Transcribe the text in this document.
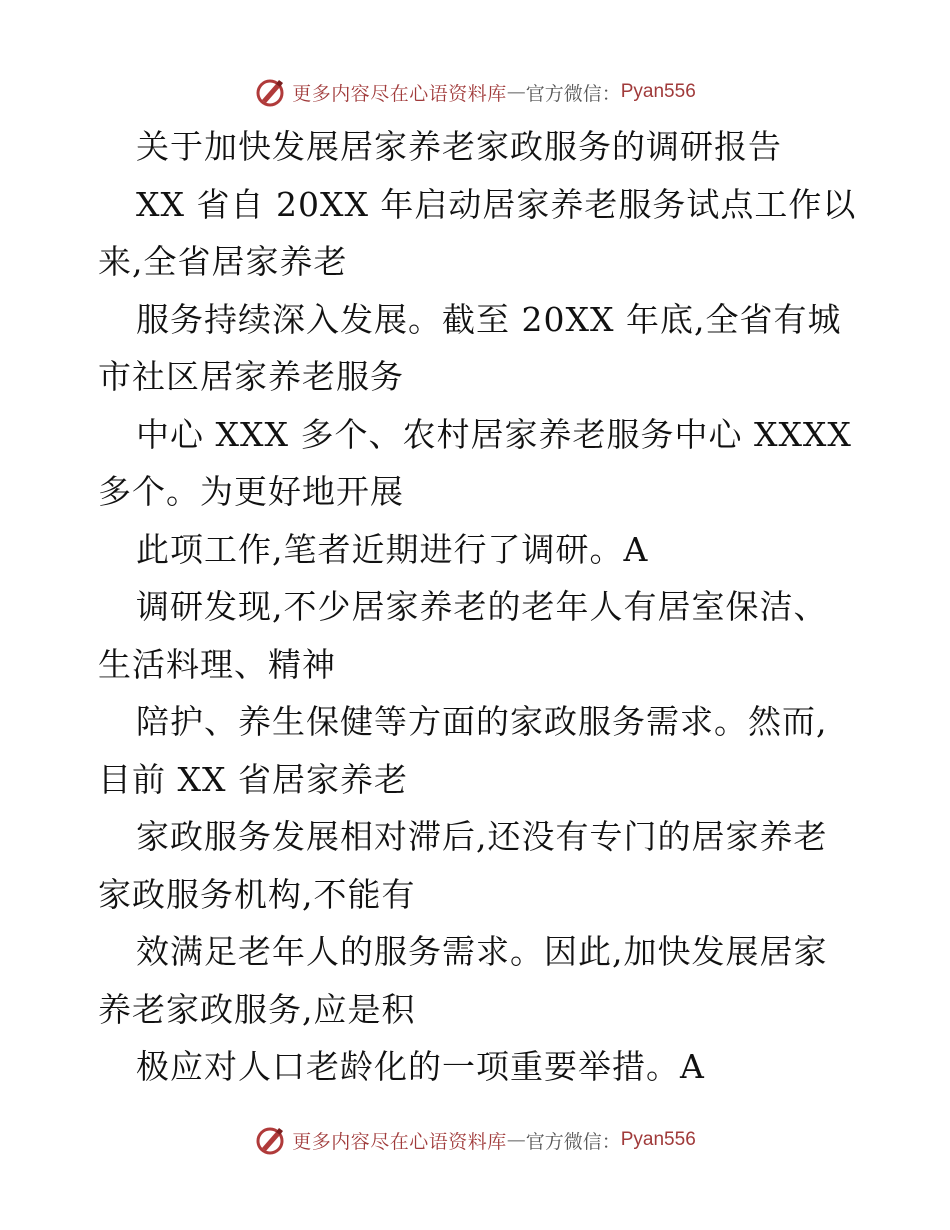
更多内容尽在心语资料库 — 官方微信： Pyan556
关于加快发展居家养老家政服务的调研报告
XX 省自 20XX 年启动居家养老服务试点工作以
来,全省居家养老
服务持续深入发展。截至 20XX 年底,全省有城
市社区居家养老服务
中心 XXX 多个、农村居家养老服务中心 XXXX
多个。为更好地开展
此项工作,笔者近期进行了调研。A
调研发现,不少居家养老的老年人有居室保洁、
生活料理、精神
陪护、养生保健等方面的家政服务需求。然而,
目前 XX 省居家养老
家政服务发展相对滞后,还没有专门的居家养老
家政服务机构,不能有
效满足老年人的服务需求。因此,加快发展居家
养老家政服务,应是积
极应对人口老龄化的一项重要举措。A
更多内容尽在心语资料库 — 官方微信： Pyan556
